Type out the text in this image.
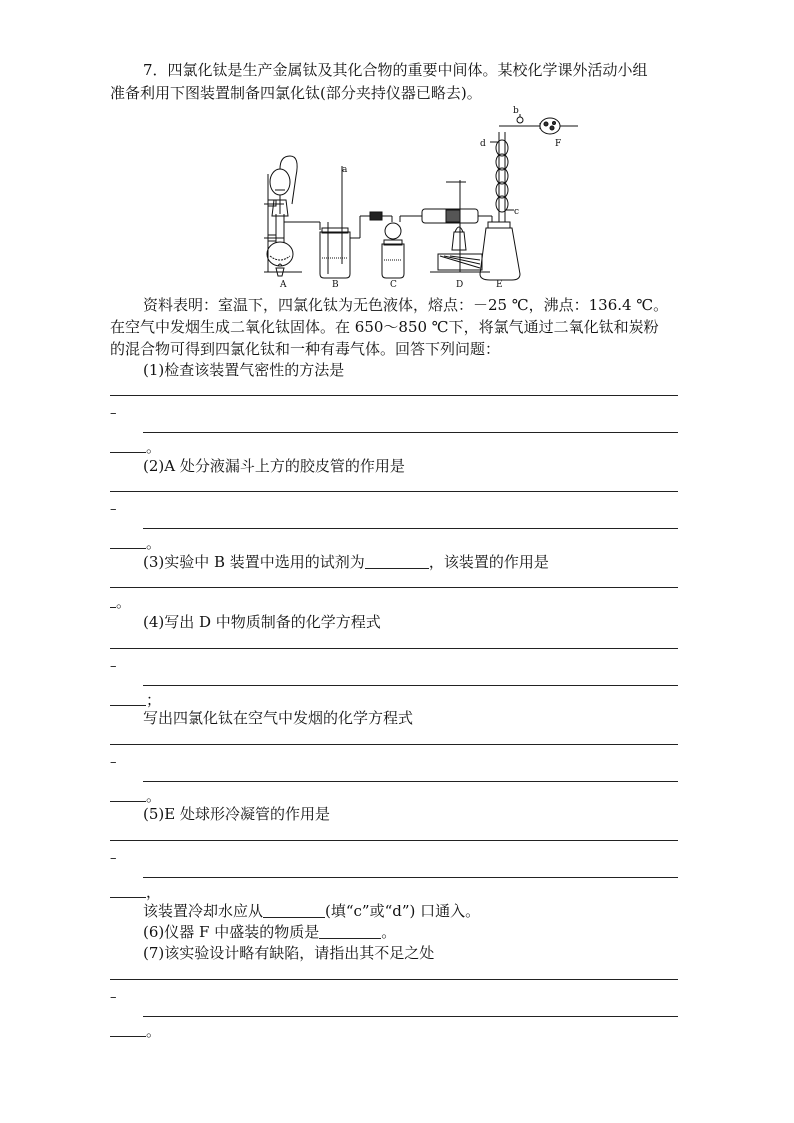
7．四氯化钛是生产金属钛及其化合物的重要中间体。某校化学课外活动小组
准备利用下图装置制备四氯化钛(部分夹持仪器已略去)。
a
b
c
d	F
A	B	C	D	E
资料表明：室温下，四氯化钛为无色液体，熔点：－25 ℃，沸点：136.4 ℃。
在空气中发烟生成二氧化钛固体。在 650～850 ℃下，将氯气通过二氧化钛和炭粉
的混合物可得到四氯化钛和一种有毒气体。回答下列问题：
(1)检查该装置气密性的方法是
–
。
(2)A 处分液漏斗上方的胶皮管的作用是
–
。
(3)实验中 B 装置中选用的试剂为	，该装置的作用是
。
(4)写出 D 中物质制备的化学方程式
–
；
写出四氯化钛在空气中发烟的化学方程式
–
。
(5)E 处球形冷凝管的作用是
–
，
该装置冷却水应从	(填“c”或“d”) 口通入。
(6)仪器 F 中盛装的物质是	。
(7)该实验设计略有缺陷，请指出其不足之处
–
。
